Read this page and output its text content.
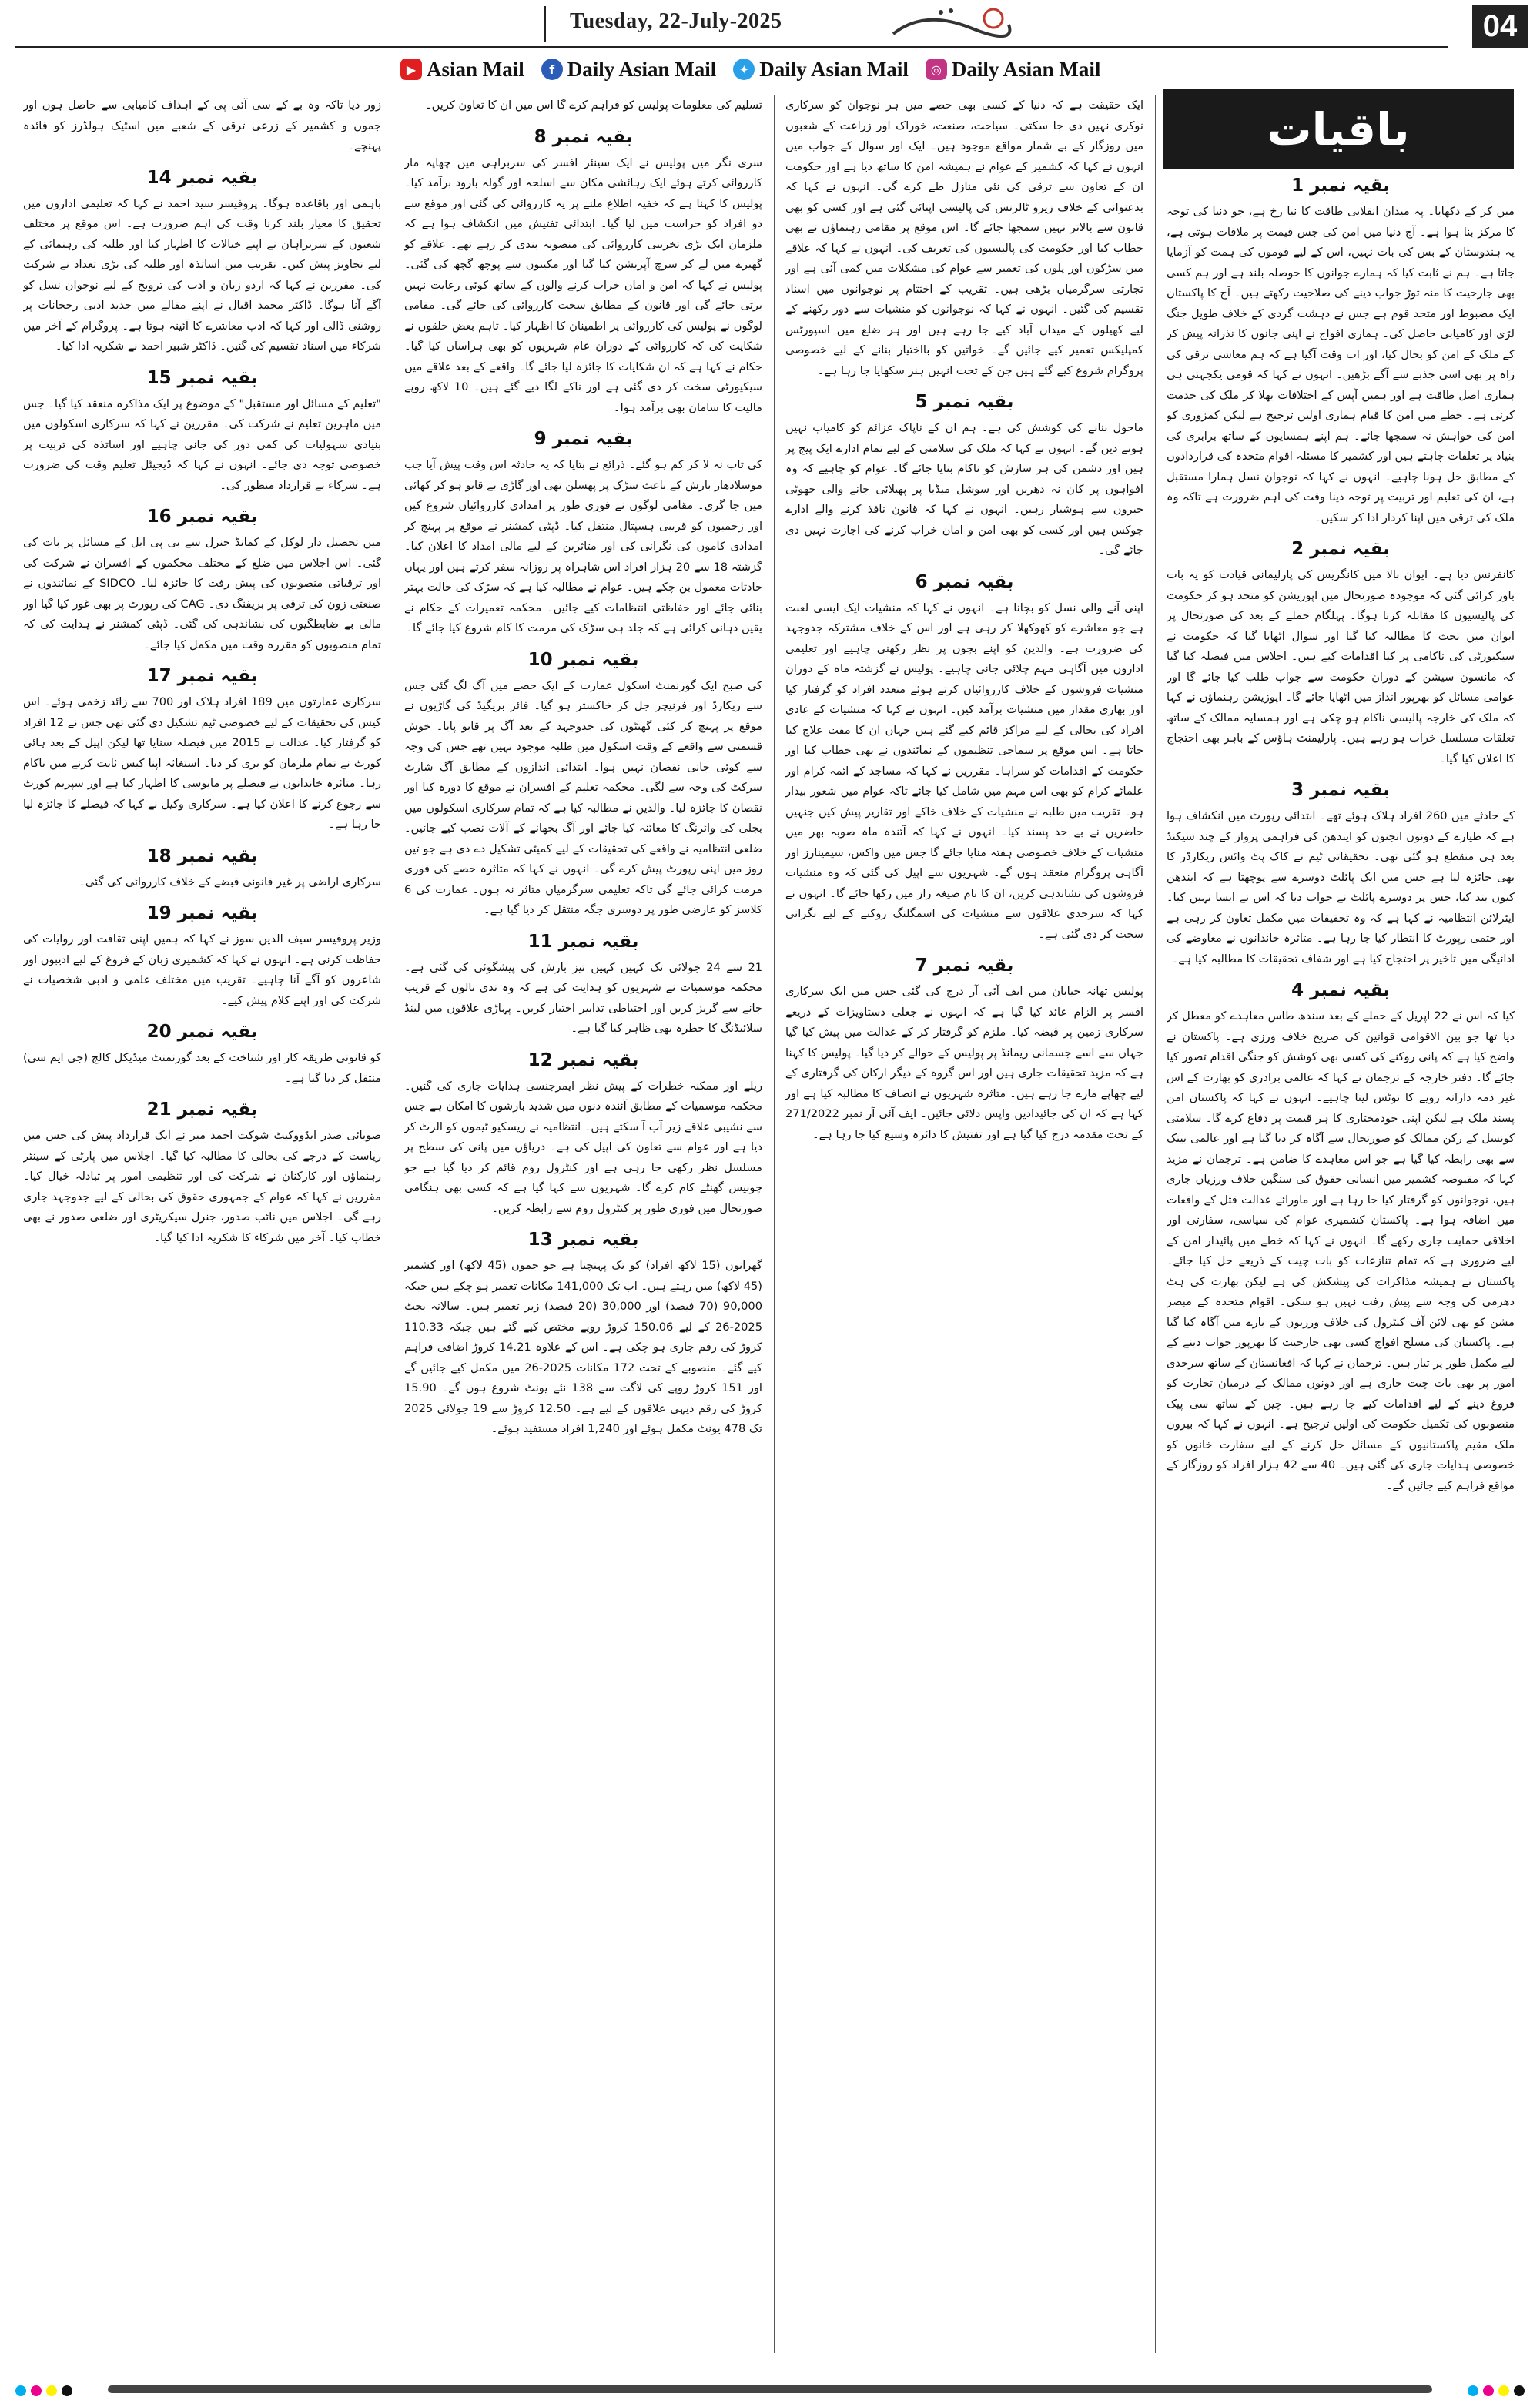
Tuesday, 22-July-2025	04
▶ Asian Mail	f Daily Asian Mail	✦ Daily Asian Mail	◎ Daily Asian Mail
باقیات
بقیہ نمبر 1

میں کر کے دکھایا۔ پہ میدان انقلابی طاقت کا نیا رخ ہے، جو دنیا کی توجہ کا مرکز بنا ہوا ہے۔ آج دنیا میں امن کی جس قیمت پر ملاقات ہوتی ہے، یہ ہندوستان کے بس کی بات نہیں، اس کے لیے قوموں کی ہمت کو آزمایا جاتا ہے۔ ہم نے ثابت کیا کہ ہمارے جوانوں کا حوصلہ بلند ہے اور ہم کسی بھی جارحیت کا منہ توڑ جواب دینے کی صلاحیت رکھتے ہیں۔ آج کا پاکستان ایک مضبوط اور متحد قوم ہے جس نے دہشت گردی کے خلاف طویل جنگ لڑی اور کامیابی حاصل کی۔ ہماری افواج نے اپنی جانوں کا نذرانہ پیش کر کے ملک کے امن کو بحال کیا، اور اب وقت آگیا ہے کہ ہم معاشی ترقی کی راہ پر بھی اسی جذبے سے آگے بڑھیں۔ انہوں نے کہا کہ قومی یکجہتی ہی ہماری اصل طاقت ہے اور ہمیں آپس کے اختلافات بھلا کر ملک کی خدمت کرنی ہے۔ خطے میں امن کا قیام ہماری اولین ترجیح ہے لیکن کمزوری کو امن کی خواہش نہ سمجھا جائے۔ ہم اپنے ہمسایوں کے ساتھ برابری کی بنیاد پر تعلقات چاہتے ہیں اور کشمیر کا مسئلہ اقوام متحدہ کی قراردادوں کے مطابق حل ہونا چاہیے۔ انہوں نے کہا کہ نوجوان نسل ہمارا مستقبل ہے، ان کی تعلیم اور تربیت پر توجہ دینا وقت کی اہم ضرورت ہے تاکہ وہ ملک کی ترقی میں اپنا کردار ادا کر سکیں۔

بقیہ نمبر 2

کانفرنس دیا ہے۔ ایوان بالا میں کانگریس کی پارلیمانی قیادت کو یہ بات باور کرائی گئی کہ موجودہ صورتحال میں اپوزیشن کو متحد ہو کر حکومت کی پالیسیوں کا مقابلہ کرنا ہوگا۔ پہلگام حملے کے بعد کی صورتحال پر ایوان میں بحث کا مطالبہ کیا گیا اور سوال اٹھایا گیا کہ حکومت نے سیکیورٹی کی ناکامی پر کیا اقدامات کیے ہیں۔ اجلاس میں فیصلہ کیا گیا کہ مانسون سیشن کے دوران حکومت سے جواب طلب کیا جائے گا اور عوامی مسائل کو بھرپور انداز میں اٹھایا جائے گا۔ اپوزیشن رہنماؤں نے کہا کہ ملک کی خارجہ پالیسی ناکام ہو چکی ہے اور ہمسایہ ممالک کے ساتھ تعلقات مسلسل خراب ہو رہے ہیں۔ پارلیمنٹ ہاؤس کے باہر بھی احتجاج کا اعلان کیا گیا۔

بقیہ نمبر 3

کے حادثے میں 260 افراد ہلاک ہوئے تھے۔ ابتدائی رپورٹ میں انکشاف ہوا ہے کہ طیارے کے دونوں انجنوں کو ایندھن کی فراہمی پرواز کے چند سیکنڈ بعد ہی منقطع ہو گئی تھی۔ تحقیقاتی ٹیم نے کاک پٹ وائس ریکارڈر کا بھی جائزہ لیا ہے جس میں ایک پائلٹ دوسرے سے پوچھتا ہے کہ ایندھن کیوں بند کیا، جس پر دوسرے پائلٹ نے جواب دیا کہ اس نے ایسا نہیں کیا۔ ایئرلائن انتظامیہ نے کہا ہے کہ وہ تحقیقات میں مکمل تعاون کر رہی ہے اور حتمی رپورٹ کا انتظار کیا جا رہا ہے۔ متاثرہ خاندانوں نے معاوضے کی ادائیگی میں تاخیر پر احتجاج کیا ہے اور شفاف تحقیقات کا مطالبہ کیا ہے۔

بقیہ نمبر 4

کیا کہ اس نے 22 اپریل کے حملے کے بعد سندھ طاس معاہدے کو معطل کر دیا تھا جو بین الاقوامی قوانین کی صریح خلاف ورزی ہے۔ پاکستان نے واضح کیا ہے کہ پانی روکنے کی کسی بھی کوشش کو جنگی اقدام تصور کیا جائے گا۔ دفتر خارجہ کے ترجمان نے کہا کہ عالمی برادری کو بھارت کے اس غیر ذمہ دارانہ رویے کا نوٹس لینا چاہیے۔ انہوں نے کہا کہ پاکستان امن پسند ملک ہے لیکن اپنی خودمختاری کا ہر قیمت پر دفاع کرے گا۔ سلامتی کونسل کے رکن ممالک کو صورتحال سے آگاہ کر دیا گیا ہے اور عالمی بینک سے بھی رابطہ کیا گیا ہے جو اس معاہدے کا ضامن ہے۔ ترجمان نے مزید کہا کہ مقبوضہ کشمیر میں انسانی حقوق کی سنگین خلاف ورزیاں جاری ہیں، نوجوانوں کو گرفتار کیا جا رہا ہے اور ماورائے عدالت قتل کے واقعات میں اضافہ ہوا ہے۔ پاکستان کشمیری عوام کی سیاسی، سفارتی اور اخلاقی حمایت جاری رکھے گا۔ انہوں نے کہا کہ خطے میں پائیدار امن کے لیے ضروری ہے کہ تمام تنازعات کو بات چیت کے ذریعے حل کیا جائے۔ پاکستان نے ہمیشہ مذاکرات کی پیشکش کی ہے لیکن بھارت کی ہٹ دھرمی کی وجہ سے پیش رفت نہیں ہو سکی۔ اقوام متحدہ کے مبصر مشن کو بھی لائن آف کنٹرول کی خلاف ورزیوں کے بارے میں آگاہ کیا گیا ہے۔ پاکستان کی مسلح افواج کسی بھی جارحیت کا بھرپور جواب دینے کے لیے مکمل طور پر تیار ہیں۔ ترجمان نے کہا کہ افغانستان کے ساتھ سرحدی امور پر بھی بات چیت جاری ہے اور دونوں ممالک کے درمیان تجارت کو فروغ دینے کے لیے اقدامات کیے جا رہے ہیں۔ چین کے ساتھ سی پیک منصوبوں کی تکمیل حکومت کی اولین ترجیح ہے۔ انہوں نے کہا کہ بیرون ملک مقیم پاکستانیوں کے مسائل حل کرنے کے لیے سفارت خانوں کو خصوصی ہدایات جاری کی گئی ہیں۔ 40 سے 42 ہزار افراد کو روزگار کے مواقع فراہم کیے جائیں گے۔

ایک حقیقت ہے کہ دنیا کے کسی بھی حصے میں ہر نوجوان کو سرکاری نوکری نہیں دی جا سکتی۔ سیاحت، صنعت، خوراک اور زراعت کے شعبوں میں روزگار کے بے شمار مواقع موجود ہیں۔ ایک اور سوال کے جواب میں انہوں نے کہا کہ کشمیر کے عوام نے ہمیشہ امن کا ساتھ دیا ہے اور حکومت ان کے تعاون سے ترقی کی نئی منازل طے کرے گی۔ انہوں نے کہا کہ بدعنوانی کے خلاف زیرو ٹالرنس کی پالیسی اپنائی گئی ہے اور کسی کو بھی قانون سے بالاتر نہیں سمجھا جائے گا۔ اس موقع پر مقامی رہنماؤں نے بھی خطاب کیا اور حکومت کی پالیسیوں کی تعریف کی۔ انہوں نے کہا کہ علاقے میں سڑکوں اور پلوں کی تعمیر سے عوام کی مشکلات میں کمی آئی ہے اور تجارتی سرگرمیاں بڑھی ہیں۔ تقریب کے اختتام پر نوجوانوں میں اسناد تقسیم کی گئیں۔ انہوں نے کہا کہ نوجوانوں کو منشیات سے دور رکھنے کے لیے کھیلوں کے میدان آباد کیے جا رہے ہیں اور ہر ضلع میں اسپورٹس کمپلیکس تعمیر کیے جائیں گے۔ خواتین کو بااختیار بنانے کے لیے خصوصی پروگرام شروع کیے گئے ہیں جن کے تحت انہیں ہنر سکھایا جا رہا ہے۔

بقیہ نمبر 5

ماحول بنانے کی کوشش کی ہے۔ ہم ان کے ناپاک عزائم کو کامیاب نہیں ہونے دیں گے۔ انہوں نے کہا کہ ملک کی سلامتی کے لیے تمام ادارے ایک پیج پر ہیں اور دشمن کی ہر سازش کو ناکام بنایا جائے گا۔ عوام کو چاہیے کہ وہ افواہوں پر کان نہ دھریں اور سوشل میڈیا پر پھیلائی جانے والی جھوٹی خبروں سے ہوشیار رہیں۔ انہوں نے کہا کہ قانون نافذ کرنے والے ادارے چوکس ہیں اور کسی کو بھی امن و امان خراب کرنے کی اجازت نہیں دی جائے گی۔

بقیہ نمبر 6

اپنی آنے والی نسل کو بچانا ہے۔ انہوں نے کہا کہ منشیات ایک ایسی لعنت ہے جو معاشرے کو کھوکھلا کر رہی ہے اور اس کے خلاف مشترکہ جدوجہد کی ضرورت ہے۔ والدین کو اپنے بچوں پر نظر رکھنی چاہیے اور تعلیمی اداروں میں آگاہی مہم چلائی جانی چاہیے۔ پولیس نے گزشتہ ماہ کے دوران منشیات فروشوں کے خلاف کارروائیاں کرتے ہوئے متعدد افراد کو گرفتار کیا اور بھاری مقدار میں منشیات برآمد کیں۔ انہوں نے کہا کہ منشیات کے عادی افراد کی بحالی کے لیے مراکز قائم کیے گئے ہیں جہاں ان کا مفت علاج کیا جاتا ہے۔ اس موقع پر سماجی تنظیموں کے نمائندوں نے بھی خطاب کیا اور حکومت کے اقدامات کو سراہا۔ مقررین نے کہا کہ مساجد کے ائمہ کرام اور علمائے کرام کو بھی اس مہم میں شامل کیا جائے تاکہ عوام میں شعور بیدار ہو۔ تقریب میں طلبہ نے منشیات کے خلاف خاکے اور تقاریر پیش کیں جنہیں حاضرین نے بے حد پسند کیا۔ انہوں نے کہا کہ آئندہ ماہ صوبہ بھر میں منشیات کے خلاف خصوصی ہفتہ منایا جائے گا جس میں واکس، سیمینارز اور آگاہی پروگرام منعقد ہوں گے۔ شہریوں سے اپیل کی گئی کہ وہ منشیات فروشوں کی نشاندہی کریں، ان کا نام صیغہ راز میں رکھا جائے گا۔ انہوں نے کہا کہ سرحدی علاقوں سے منشیات کی اسمگلنگ روکنے کے لیے نگرانی سخت کر دی گئی ہے۔

بقیہ نمبر 7

پولیس تھانہ خیابان میں ایف آئی آر درج کی گئی جس میں ایک سرکاری افسر پر الزام عائد کیا گیا ہے کہ انہوں نے جعلی دستاویزات کے ذریعے سرکاری زمین پر قبضہ کیا۔ ملزم کو گرفتار کر کے عدالت میں پیش کیا گیا جہاں سے اسے جسمانی ریمانڈ پر پولیس کے حوالے کر دیا گیا۔ پولیس کا کہنا ہے کہ مزید تحقیقات جاری ہیں اور اس گروہ کے دیگر ارکان کی گرفتاری کے لیے چھاپے مارے جا رہے ہیں۔ متاثرہ شہریوں نے انصاف کا مطالبہ کیا ہے اور کہا ہے کہ ان کی جائیدادیں واپس دلائی جائیں۔ ایف آئی آر نمبر 271/2022 کے تحت مقدمہ درج کیا گیا ہے اور تفتیش کا دائرہ وسیع کیا جا رہا ہے۔

تسلیم کی معلومات پولیس کو فراہم کرے گا اس میں ان کا تعاون کریں۔

بقیہ نمبر 8

سری نگر میں پولیس نے ایک سینئر افسر کی سربراہی میں چھاپہ مار کارروائی کرتے ہوئے ایک رہائشی مکان سے اسلحہ اور گولہ بارود برآمد کیا۔ پولیس کا کہنا ہے کہ خفیہ اطلاع ملنے پر یہ کارروائی کی گئی اور موقع سے دو افراد کو حراست میں لیا گیا۔ ابتدائی تفتیش میں انکشاف ہوا ہے کہ ملزمان ایک بڑی تخریبی کارروائی کی منصوبہ بندی کر رہے تھے۔ علاقے کو گھیرے میں لے کر سرچ آپریشن کیا گیا اور مکینوں سے پوچھ گچھ کی گئی۔ پولیس نے کہا کہ امن و امان خراب کرنے والوں کے ساتھ کوئی رعایت نہیں برتی جائے گی اور قانون کے مطابق سخت کارروائی کی جائے گی۔ مقامی لوگوں نے پولیس کی کارروائی پر اطمینان کا اظہار کیا۔ تاہم بعض حلقوں نے شکایت کی کہ کارروائی کے دوران عام شہریوں کو بھی ہراساں کیا گیا۔ حکام نے کہا ہے کہ ان شکایات کا جائزہ لیا جائے گا۔ واقعے کے بعد علاقے میں سیکیورٹی سخت کر دی گئی ہے اور ناکے لگا دیے گئے ہیں۔ 10 لاکھ روپے مالیت کا سامان بھی برآمد ہوا۔

بقیہ نمبر 9

کی تاب نہ لا کر کم ہو گئے۔ ذرائع نے بتایا کہ یہ حادثہ اس وقت پیش آیا جب موسلادھار بارش کے باعث سڑک پر پھسلن تھی اور گاڑی بے قابو ہو کر کھائی میں جا گری۔ مقامی لوگوں نے فوری طور پر امدادی کارروائیاں شروع کیں اور زخمیوں کو قریبی ہسپتال منتقل کیا۔ ڈپٹی کمشنر نے موقع پر پہنچ کر امدادی کاموں کی نگرانی کی اور متاثرین کے لیے مالی امداد کا اعلان کیا۔ گزشتہ 18 سے 20 ہزار افراد اس شاہراہ پر روزانہ سفر کرتے ہیں اور یہاں حادثات معمول بن چکے ہیں۔ عوام نے مطالبہ کیا ہے کہ سڑک کی حالت بہتر بنائی جائے اور حفاظتی انتظامات کیے جائیں۔ محکمہ تعمیرات کے حکام نے یقین دہانی کرائی ہے کہ جلد ہی سڑک کی مرمت کا کام شروع کیا جائے گا۔

بقیہ نمبر 10

کی صبح ایک گورنمنٹ اسکول عمارت کے ایک حصے میں آگ لگ گئی جس سے ریکارڈ اور فرنیچر جل کر خاکستر ہو گیا۔ فائر بریگیڈ کی گاڑیوں نے موقع پر پہنچ کر کئی گھنٹوں کی جدوجہد کے بعد آگ پر قابو پایا۔ خوش قسمتی سے واقعے کے وقت اسکول میں طلبہ موجود نہیں تھے جس کی وجہ سے کوئی جانی نقصان نہیں ہوا۔ ابتدائی اندازوں کے مطابق آگ شارٹ سرکٹ کی وجہ سے لگی۔ محکمہ تعلیم کے افسران نے موقع کا دورہ کیا اور نقصان کا جائزہ لیا۔ والدین نے مطالبہ کیا ہے کہ تمام سرکاری اسکولوں میں بجلی کی وائرنگ کا معائنہ کیا جائے اور آگ بجھانے کے آلات نصب کیے جائیں۔ ضلعی انتظامیہ نے واقعے کی تحقیقات کے لیے کمیٹی تشکیل دے دی ہے جو تین روز میں اپنی رپورٹ پیش کرے گی۔ انہوں نے کہا کہ متاثرہ حصے کی فوری مرمت کرائی جائے گی تاکہ تعلیمی سرگرمیاں متاثر نہ ہوں۔ عمارت کی 6 کلاسز کو عارضی طور پر دوسری جگہ منتقل کر دیا گیا ہے۔

بقیہ نمبر 11

21 سے 24 جولائی تک کہیں کہیں تیز بارش کی پیشگوئی کی گئی ہے۔ محکمہ موسمیات نے شہریوں کو ہدایت کی ہے کہ وہ ندی نالوں کے قریب جانے سے گریز کریں اور احتیاطی تدابیر اختیار کریں۔ پہاڑی علاقوں میں لینڈ سلائیڈنگ کا خطرہ بھی ظاہر کیا گیا ہے۔

بقیہ نمبر 12

ریلے اور ممکنہ خطرات کے پیش نظر ایمرجنسی ہدایات جاری کی گئیں۔ محکمہ موسمیات کے مطابق آئندہ دنوں میں شدید بارشوں کا امکان ہے جس سے نشیبی علاقے زیر آب آ سکتے ہیں۔ انتظامیہ نے ریسکیو ٹیموں کو الرٹ کر دیا ہے اور عوام سے تعاون کی اپیل کی ہے۔ دریاؤں میں پانی کی سطح پر مسلسل نظر رکھی جا رہی ہے اور کنٹرول روم قائم کر دیا گیا ہے جو چوبیس گھنٹے کام کرے گا۔ شہریوں سے کہا گیا ہے کہ کسی بھی ہنگامی صورتحال میں فوری طور پر کنٹرول روم سے رابطہ کریں۔

بقیہ نمبر 13

گھرانوں (15 لاکھ افراد) کو تک پہنچنا ہے جو جموں (45 لاکھ) اور کشمیر (45 لاکھ) میں رہتے ہیں۔ اب تک 141,000 مکانات تعمیر ہو چکے ہیں جبکہ 90,000 (70 فیصد) اور 30,000 (20 فیصد) زیر تعمیر ہیں۔ سالانہ بجٹ 2025-26 کے لیے 150.06 کروڑ روپے مختص کیے گئے ہیں جبکہ 110.33 کروڑ کی رقم جاری ہو چکی ہے۔ اس کے علاوہ 14.21 کروڑ اضافی فراہم کیے گئے۔ منصوبے کے تحت 172 مکانات 2025-26 میں مکمل کیے جائیں گے اور 151 کروڑ روپے کی لاگت سے 138 نئے یونٹ شروع ہوں گے۔ 15.90 کروڑ کی رقم دیہی علاقوں کے لیے ہے۔ 12.50 کروڑ سے 19 جولائی 2025 تک 478 یونٹ مکمل ہوئے اور 1,240 افراد مستفید ہوئے۔

زور دیا تاکہ وہ بے کے سی آئی پی کے اہداف کامیابی سے حاصل ہوں اور جموں و کشمیر کے زرعی ترقی کے شعبے میں اسٹیک ہولڈرز کو فائدہ پہنچے۔

بقیہ نمبر 14

باہمی اور باقاعدہ ہوگا۔ پروفیسر سید احمد نے کہا کہ تعلیمی اداروں میں تحقیق کا معیار بلند کرنا وقت کی اہم ضرورت ہے۔ اس موقع پر مختلف شعبوں کے سربراہان نے اپنے خیالات کا اظہار کیا اور طلبہ کی رہنمائی کے لیے تجاویز پیش کیں۔ تقریب میں اساتذہ اور طلبہ کی بڑی تعداد نے شرکت کی۔ مقررین نے کہا کہ اردو زبان و ادب کی ترویج کے لیے نوجوان نسل کو آگے آنا ہوگا۔ ڈاکٹر محمد اقبال نے اپنے مقالے میں جدید ادبی رجحانات پر روشنی ڈالی اور کہا کہ ادب معاشرے کا آئینہ ہوتا ہے۔ پروگرام کے آخر میں شرکاء میں اسناد تقسیم کی گئیں۔ ڈاکٹر شبیر احمد نے شکریہ ادا کیا۔

بقیہ نمبر 15

"تعلیم کے مسائل اور مستقبل" کے موضوع پر ایک مذاکرہ منعقد کیا گیا۔ جس میں ماہرین تعلیم نے شرکت کی۔ مقررین نے کہا کہ سرکاری اسکولوں میں بنیادی سہولیات کی کمی دور کی جانی چاہیے اور اساتذہ کی تربیت پر خصوصی توجہ دی جائے۔ انہوں نے کہا کہ ڈیجیٹل تعلیم وقت کی ضرورت ہے۔ شرکاء نے قرارداد منظور کی۔

بقیہ نمبر 16

میں تحصیل دار لوکل کے کمانڈ جنرل سے بی پی ایل کے مسائل پر بات کی گئی۔ اس اجلاس میں ضلع کے مختلف محکموں کے افسران نے شرکت کی اور ترقیاتی منصوبوں کی پیش رفت کا جائزہ لیا۔ SIDCO کے نمائندوں نے صنعتی زون کی ترقی پر بریفنگ دی۔ CAG کی رپورٹ پر بھی غور کیا گیا اور مالی بے ضابطگیوں کی نشاندہی کی گئی۔ ڈپٹی کمشنر نے ہدایت کی کہ تمام منصوبوں کو مقررہ وقت میں مکمل کیا جائے۔

بقیہ نمبر 17

سرکاری عمارتوں میں 189 افراد ہلاک اور 700 سے زائد زخمی ہوئے۔ اس کیس کی تحقیقات کے لیے خصوصی ٹیم تشکیل دی گئی تھی جس نے 12 افراد کو گرفتار کیا۔ عدالت نے 2015 میں فیصلہ سنایا تھا لیکن اپیل کے بعد ہائی کورٹ نے تمام ملزمان کو بری کر دیا۔ استغاثہ اپنا کیس ثابت کرنے میں ناکام رہا۔ متاثرہ خاندانوں نے فیصلے پر مایوسی کا اظہار کیا ہے اور سپریم کورٹ سے رجوع کرنے کا اعلان کیا ہے۔ سرکاری وکیل نے کہا کہ فیصلے کا جائزہ لیا جا رہا ہے۔

بقیہ نمبر 18

سرکاری اراضی پر غیر قانونی قبضے کے خلاف کارروائی کی گئی۔

بقیہ نمبر 19

وزیر پروفیسر سیف الدین سوز نے کہا کہ ہمیں اپنی ثقافت اور روایات کی حفاظت کرنی ہے۔ انہوں نے کہا کہ کشمیری زبان کے فروغ کے لیے ادیبوں اور شاعروں کو آگے آنا چاہیے۔ تقریب میں مختلف علمی و ادبی شخصیات نے شرکت کی اور اپنے کلام پیش کیے۔

بقیہ نمبر 20

کو قانونی طریقہ کار اور شناخت کے بعد گورنمنٹ میڈیکل کالج (جی ایم سی) منتقل کر دیا گیا ہے۔

بقیہ نمبر 21

صوبائی صدر ایڈووکیٹ شوکت احمد میر نے ایک قرارداد پیش کی جس میں ریاست کے درجے کی بحالی کا مطالبہ کیا گیا۔ اجلاس میں پارٹی کے سینئر رہنماؤں اور کارکنان نے شرکت کی اور تنظیمی امور پر تبادلہ خیال کیا۔ مقررین نے کہا کہ عوام کے جمہوری حقوق کی بحالی کے لیے جدوجہد جاری رہے گی۔ اجلاس میں نائب صدور، جنرل سیکریٹری اور ضلعی صدور نے بھی خطاب کیا۔ آخر میں شرکاء کا شکریہ ادا کیا گیا۔
